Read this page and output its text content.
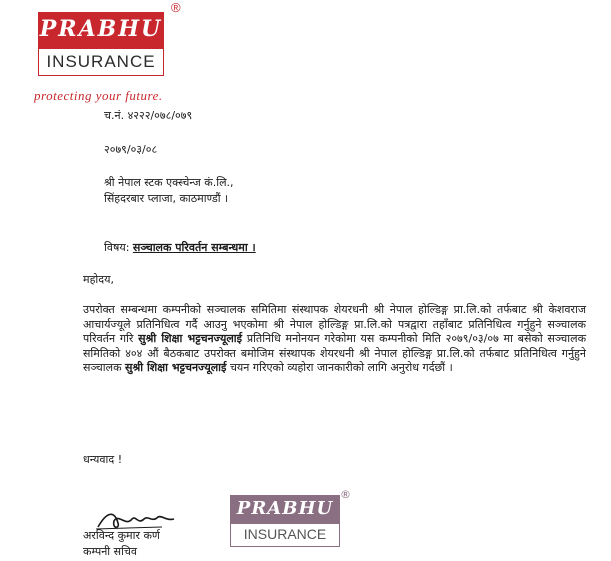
PRABHU
INSURANCE
®
protecting your future.
च.नं. ४२२२/०७८/०७९
२०७९/०३/०८
श्री नेपाल स्टक एक्स्चेन्ज कं.लि.,
सिंहदरबार प्लाजा, काठमाण्डौं ।
विषय: सञ्चालक परिवर्तन सम्बन्धमा ।
महोदय,
उपरोक्त सम्बन्धमा कम्पनीको सञ्चालक समितिमा संस्थापक शेयरधनी श्री नेपाल होल्डिङ्ग प्रा.लि.को तर्फबाट श्री केशवराज आचार्यज्यूले प्रतिनिधित्व गर्दै आउनु भएकोमा श्री नेपाल होल्डिङ्ग प्रा.लि.को पत्रद्वारा तहाँबाट प्रतिनिधित्व गर्नुहुने सञ्चालक परिवर्तन गरि सुश्री शिक्षा भट्टचनज्यूलाई प्रतिनिधि मनोनयन गरेकोमा यस कम्पनीको मिति २०७९/०३/०७ मा बसेको सञ्चालक समितिको ४०४ औं बैठकबाट उपरोक्त बमोजिम संस्थापक शेयरधनी श्री नेपाल होल्डिङ्ग प्रा.लि.को तर्फबाट प्रतिनिधित्व गर्नुहुने सञ्चालक सुश्री शिक्षा भट्टचनज्यूलाई चयन गरिएको व्यहोरा जानकारीको लागि अनुरोध गर्दछौं ।
धन्यवाद !
अरविन्द कुमार कर्ण
कम्पनी सचिव
PRABHU
INSURANCE
®
